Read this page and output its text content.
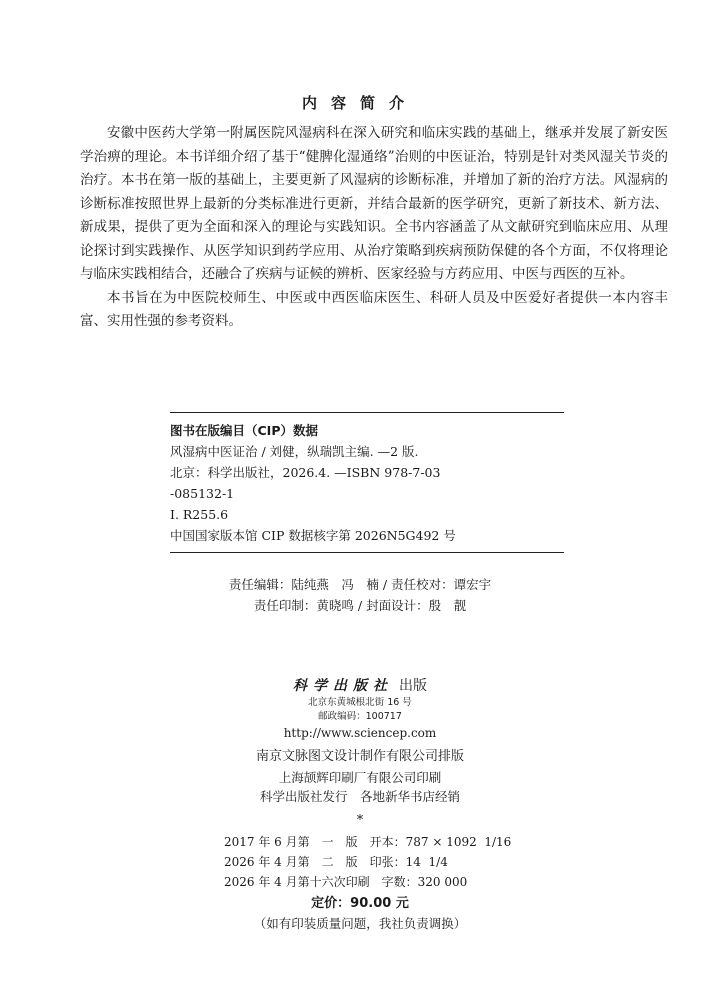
内容简介

安徽中医药大学第一附属医院风湿病科在深入研究和临床实践的基础上，继承并发展了新安医学治痹的理论。本书详细介绍了基于“健脾化湿通络”治则的中医证治，特别是针对类风湿关节炎的治疗。本书在第一版的基础上，主要更新了风湿病的诊断标准，并增加了新的治疗方法。风湿病的诊断标准按照世界上最新的分类标准进行更新，并结合最新的医学研究，更新了新技术、新方法、新成果，提供了更为全面和深入的理论与实践知识。全书内容涵盖了从文献研究到临床应用、从理论探讨到实践操作、从医学知识到药学应用、从治疗策略到疾病预防保健的各个方面，不仅将理论与临床实践相结合，还融合了疾病与证候的辨析、医家经验与方药应用、中医与西医的互补。

本书旨在为中医院校师生、中医或中西医临床医生、科研人员及中医爱好者提供一本内容丰富、实用性强的参考资料。

图书在版编目（CIP）数据
风湿病中医证治 / 刘健，纵瑞凯主编. —2 版.
北京：科学出版社，2026.4. —ISBN 978-7-03
-085132-1
Ⅰ. R255.6
中国国家版本馆 CIP 数据核字第 2026N5G492 号
责任编辑：陆纯燕　冯　楠 / 责任校对：谭宏宇
责任印制：黄晓鸣 / 封面设计：殷　靓
科学出版社 出版
北京东黄城根北街 16 号
邮政编码：100717
http://www.sciencep.com
南京文脉图文设计制作有限公司排版
上海颉辉印刷厂有限公司印刷
科学出版社发行　各地新华书店经销
*
2017 年 6 月第　一　版　开本：787 × 1092  1/16
2026 年 4 月第　二　版　印张：14  1/4
2026 年 4 月第十六次印刷　字数：320 000
定价：90.00 元
（如有印装质量问题，我社负责调换）
